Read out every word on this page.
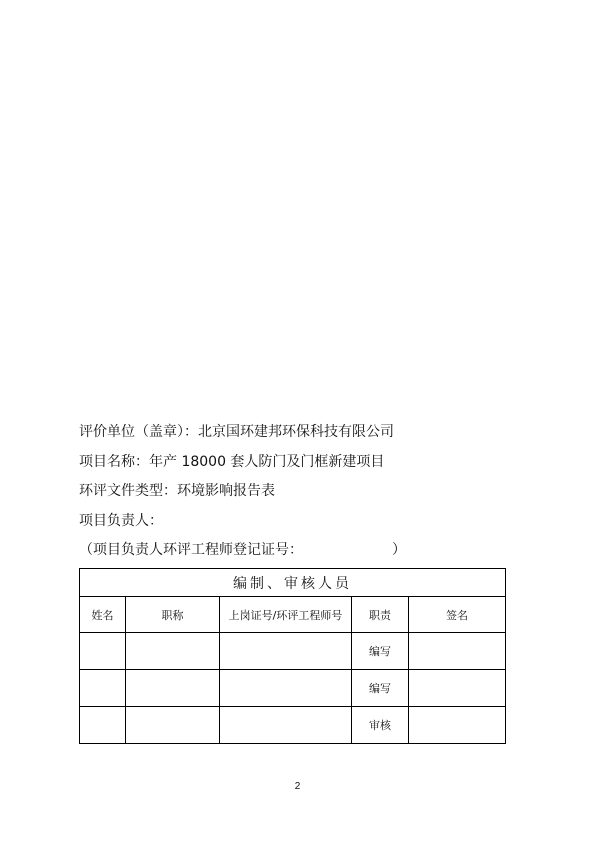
评价单位（盖章）：北京国环建邦环保科技有限公司
项目名称：年产 18000 套人防门及门框新建项目
环评文件类型：环境影响报告表
项目负责人：
（项目负责人环评工程师登记证号：                    ）
编制、审核人员				
姓名	职称	上岗证号/环评工程师号	职责	签名
			编写	
			编写	
			审核	
2
